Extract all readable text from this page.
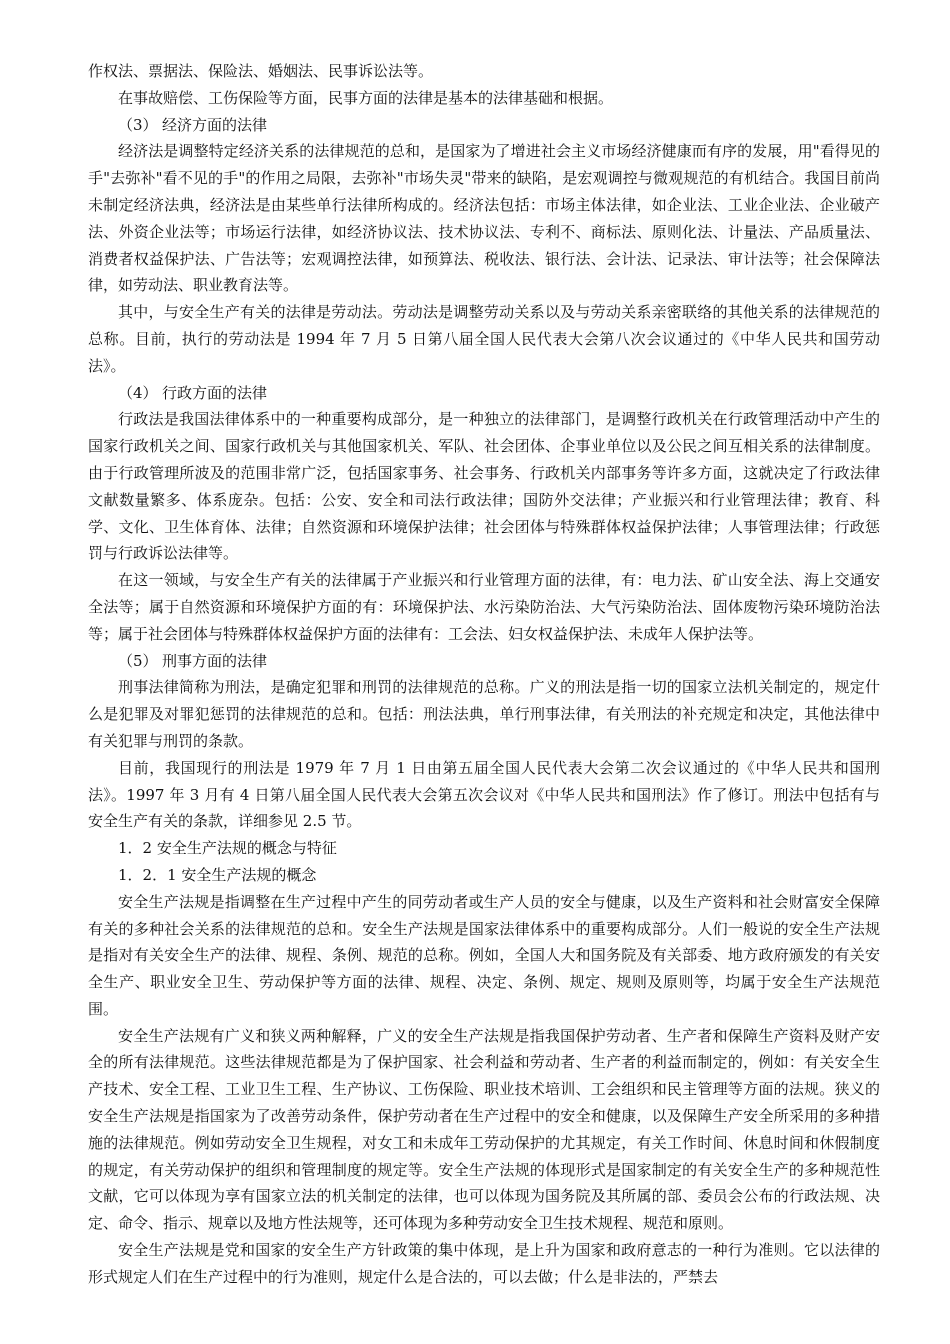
作权法、票据法、保险法、婚姻法、民事诉讼法等。

在事故赔偿、工伤保险等方面，民事方面的法律是基本的法律基础和根据。

（3） 经济方面的法律

经济法是调整特定经济关系的法律规范的总和，是国家为了增进社会主义市场经济健康而有序的发展，用"看得见的手"去弥补"看不见的手"的作用之局限，去弥补"市场失灵"带来的缺陷，是宏观调控与微观规范的有机结合。我国目前尚未制定经济法典，经济法是由某些单行法律所构成的。经济法包括：市场主体法律，如企业法、工业企业法、企业破产法、外资企业法等；市场运行法律，如经济协议法、技术协议法、专利不、商标法、原则化法、计量法、产品质量法、消费者权益保护法、广告法等；宏观调控法律，如预算法、税收法、银行法、会计法、记录法、审计法等；社会保障法律，如劳动法、职业教育法等。

其中，与安全生产有关的法律是劳动法。劳动法是调整劳动关系以及与劳动关系亲密联络的其他关系的法律规范的总称。目前，执行的劳动法是 1994 年 7 月 5 日第八届全国人民代表大会第八次会议通过的《中华人民共和国劳动法》。

（4） 行政方面的法律

行政法是我国法律体系中的一种重要构成部分，是一种独立的法律部门，是调整行政机关在行政管理活动中产生的国家行政机关之间、国家行政机关与其他国家机关、军队、社会团体、企事业单位以及公民之间互相关系的法律制度。由于行政管理所波及的范围非常广泛，包括国家事务、社会事务、行政机关内部事务等许多方面，这就决定了行政法律文献数量繁多、体系庞杂。包括：公安、安全和司法行政法律；国防外交法律；产业振兴和行业管理法律；教育、科学、文化、卫生体育体、法律；自然资源和环境保护法律；社会团体与特殊群体权益保护法律；人事管理法律；行政惩罚与行政诉讼法律等。

在这一领域，与安全生产有关的法律属于产业振兴和行业管理方面的法律，有：电力法、矿山安全法、海上交通安全法等；属于自然资源和环境保护方面的有：环境保护法、水污染防治法、大气污染防治法、固体废物污染环境防治法等；属于社会团体与特殊群体权益保护方面的法律有：工会法、妇女权益保护法、未成年人保护法等。

（5） 刑事方面的法律

刑事法律简称为刑法，是确定犯罪和刑罚的法律规范的总称。广义的刑法是指一切的国家立法机关制定的，规定什么是犯罪及对罪犯惩罚的法律规范的总和。包括：刑法法典，单行刑事法律，有关刑法的补充规定和决定，其他法律中有关犯罪与刑罚的条款。

目前，我国现行的刑法是 1979 年 7 月 1 日由第五届全国人民代表大会第二次会议通过的《中华人民共和国刑法》。1997 年 3 月有 4 日第八届全国人民代表大会第五次会议对《中华人民共和国刑法》作了修订。刑法中包括有与安全生产有关的条款，详细参见 2.5 节。

1．2 安全生产法规的概念与特征

1．2．1 安全生产法规的概念

安全生产法规是指调整在生产过程中产生的同劳动者或生产人员的安全与健康，以及生产资料和社会财富安全保障有关的多种社会关系的法律规范的总和。安全生产法规是国家法律体系中的重要构成部分。人们一般说的安全生产法规是指对有关安全生产的法律、规程、条例、规范的总称。例如，全国人大和国务院及有关部委、地方政府颁发的有关安全生产、职业安全卫生、劳动保护等方面的法律、规程、决定、条例、规定、规则及原则等，均属于安全生产法规范围。

安全生产法规有广义和狭义两种解释，广义的安全生产法规是指我国保护劳动者、生产者和保障生产资料及财产安全的所有法律规范。这些法律规范都是为了保护国家、社会利益和劳动者、生产者的利益而制定的，例如：有关安全生产技术、安全工程、工业卫生工程、生产协议、工伤保险、职业技术培训、工会组织和民主管理等方面的法规。狭义的安全生产法规是指国家为了改善劳动条件，保护劳动者在生产过程中的安全和健康，以及保障生产安全所采用的多种措施的法律规范。例如劳动安全卫生规程，对女工和未成年工劳动保护的尤其规定，有关工作时间、休息时间和休假制度的规定，有关劳动保护的组织和管理制度的规定等。安全生产法规的体现形式是国家制定的有关安全生产的多种规范性文献，它可以体现为享有国家立法的机关制定的法律，也可以体现为国务院及其所属的部、委员会公布的行政法规、决定、命令、指示、规章以及地方性法规等，还可体现为多种劳动安全卫生技术规程、规范和原则。

安全生产法规是党和国家的安全生产方针政策的集中体现，是上升为国家和政府意志的一种行为准则。它以法律的形式规定人们在生产过程中的行为准则，规定什么是合法的，可以去做；什么是非法的，严禁去
